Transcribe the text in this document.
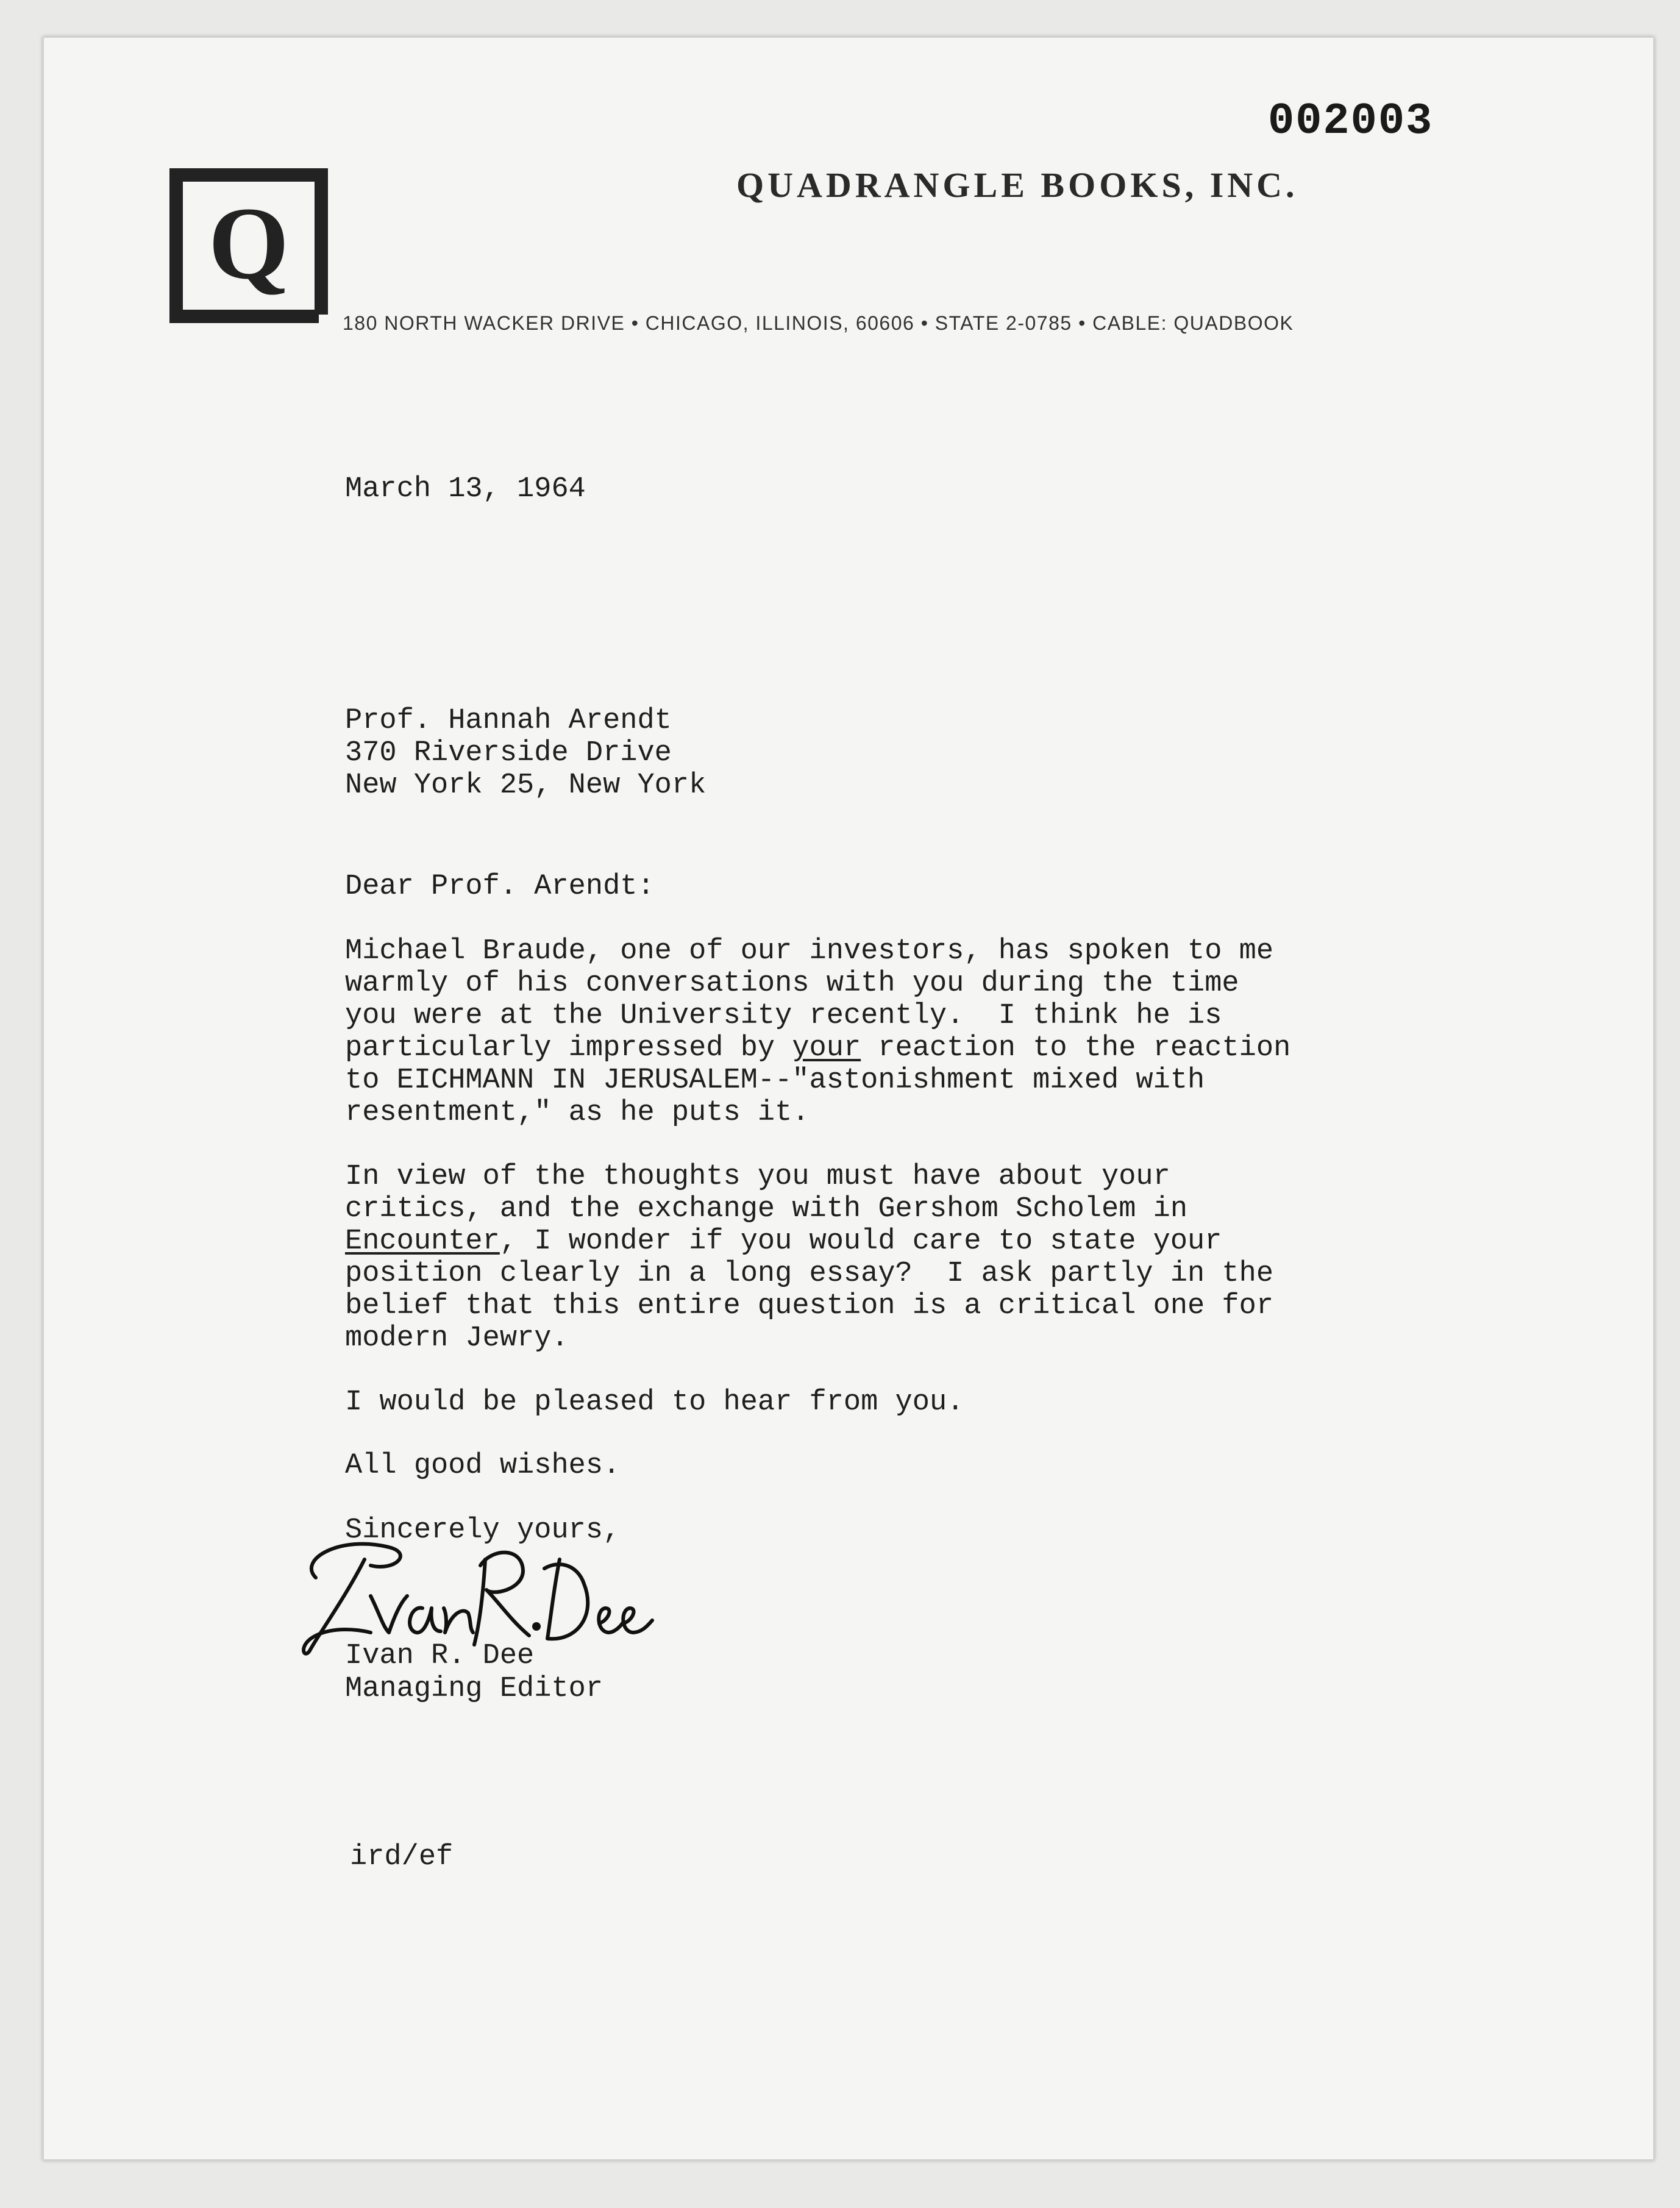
002003
Q
QUADRANGLE BOOKS, INC.
180 NORTH WACKER DRIVE • CHICAGO, ILLINOIS, 60606 • STATE 2-0785 • CABLE: QUADBOOK
March 13, 1964
Prof. Hannah Arendt
370 Riverside Drive
New York 25, New York
Dear Prof. Arendt:
Michael Braude, one of our investors, has spoken to me
warmly of his conversations with you during the time
you were at the University recently.  I think he is
particularly impressed by your reaction to the reaction
to EICHMANN IN JERUSALEM--"astonishment mixed with
resentment," as he puts it.
In view of the thoughts you must have about your
critics, and the exchange with Gershom Scholem in
Encounter, I wonder if you would care to state your
position clearly in a long essay?  I ask partly in the
belief that this entire question is a critical one for
modern Jewry.
I would be pleased to hear from you.
All good wishes.
Sincerely yours,
Ivan R. Dee
Managing Editor
ird/ef
